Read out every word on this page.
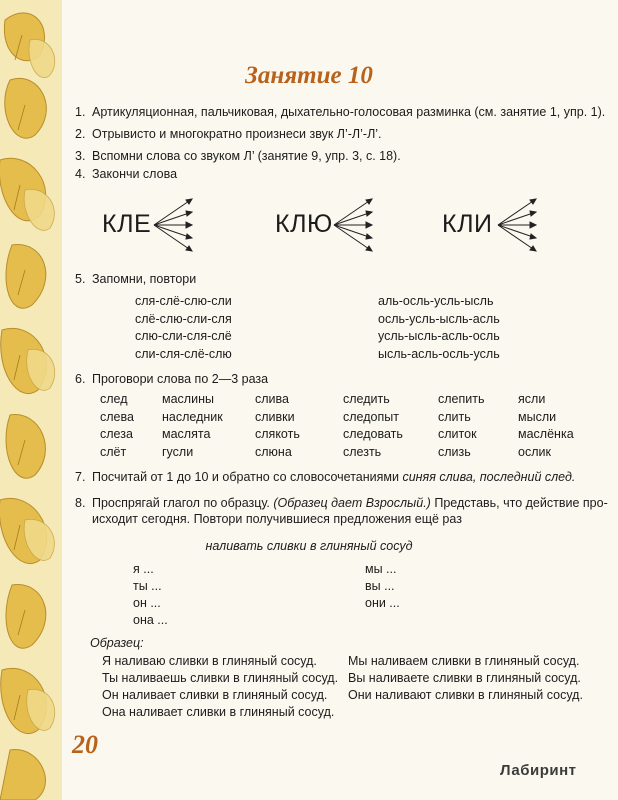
Занятие 10
1. Артикуляционная, пальчиковая, дыхательно-голосовая разминка (см. занятие 1, упр. 1).
2. Отрывисто и многократно произнеси звук Л’-Л’-Л’.
3. Вспомни слова со звуком Л’ (занятие 9, упр. 3, с. 18).
4. Закончи слова
КЛЕ	КЛЮ	КЛИ
5. Запомни, повтори
сля-слё-слю-сли
слё-слю-сли-сля
слю-сли-сля-слё
сли-сля-слё-слю
аль-осль-усль-ысль
осль-усль-ысль-асль
усль-ысль-асль-осль
ысль-асль-осль-усль
6. Проговори слова по 2—3 раза
след
слева
слеза
слёт
маслины
наследник
маслята
гусли
слива
сливки
слякоть
слюна
следить
следопыт
следовать
слезть
слепить
слить
слиток
слизь
ясли
мысли
маслёнка
ослик
7. Посчитай от 1 до 10 и обратно со словосочетаниями синяя слива, последний след.
8. Проспрягай глагол по образцу. (Образец дает Взрослый.) Представь, что действие про-
исходит сегодня. Повтори получившиеся предложения ещё раз
наливать сливки в глиняный сосуд
я ...
ты ...
он ...
она ...
мы ...
вы ...
они ...
Образец:
Я наливаю сливки в глиняный сосуд.
Ты наливаешь сливки в глиняный сосуд.
Он наливает сливки в глиняный сосуд.
Она наливает сливки в глиняный сосуд.
Мы наливаем сливки в глиняный сосуд.
Вы наливаете сливки в глиняный сосуд.
Они наливают сливки в глиняный сосуд.
20
Лабиринт
